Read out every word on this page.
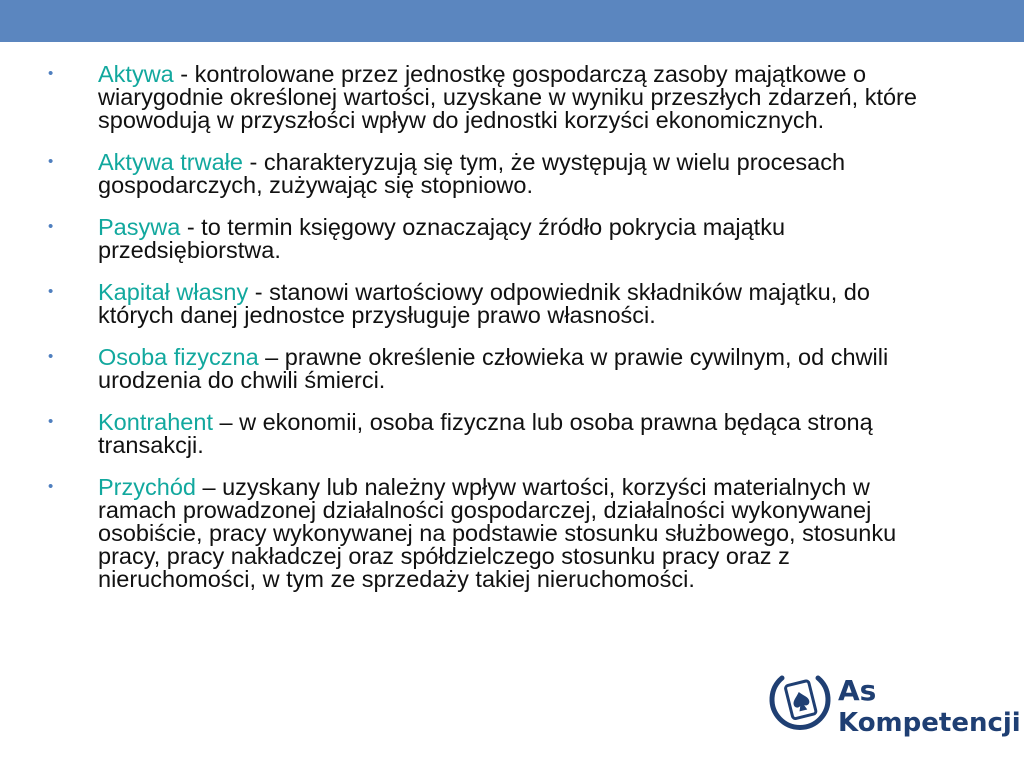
• Aktywa - kontrolowane przez jednostkę gospodarczą zasoby majątkowe o wiarygodnie określonej wartości, uzyskane w wyniku przeszłych zdarzeń, które spowodują w przyszłości wpływ do jednostki korzyści ekonomicznych.
• Aktywa trwałe - charakteryzują się tym, że występują w wielu procesach gospodarczych, zużywając się stopniowo.
• Pasywa - to termin księgowy oznaczający źródło pokrycia majątku przedsiębiorstwa.
• Kapitał własny - stanowi wartościowy odpowiednik składników majątku, do których danej jednostce przysługuje prawo własności.
• Osoba fizyczna – prawne określenie człowieka w prawie cywilnym, od chwili urodzenia do chwili śmierci.
• Kontrahent – w ekonomii, osoba fizyczna lub osoba prawna będąca stroną transakcji.
• Przychód – uzyskany lub należny wpływ wartości, korzyści materialnych w ramach prowadzonej działalności gospodarczej, działalności wykonywanej osobiście, pracy wykonywanej na podstawie stosunku służbowego, stosunku pracy, pracy nakładczej oraz spółdzielczego stosunku pracy oraz z nieruchomości, w tym ze sprzedaży takiej nieruchomości.
As
Kompetencji
